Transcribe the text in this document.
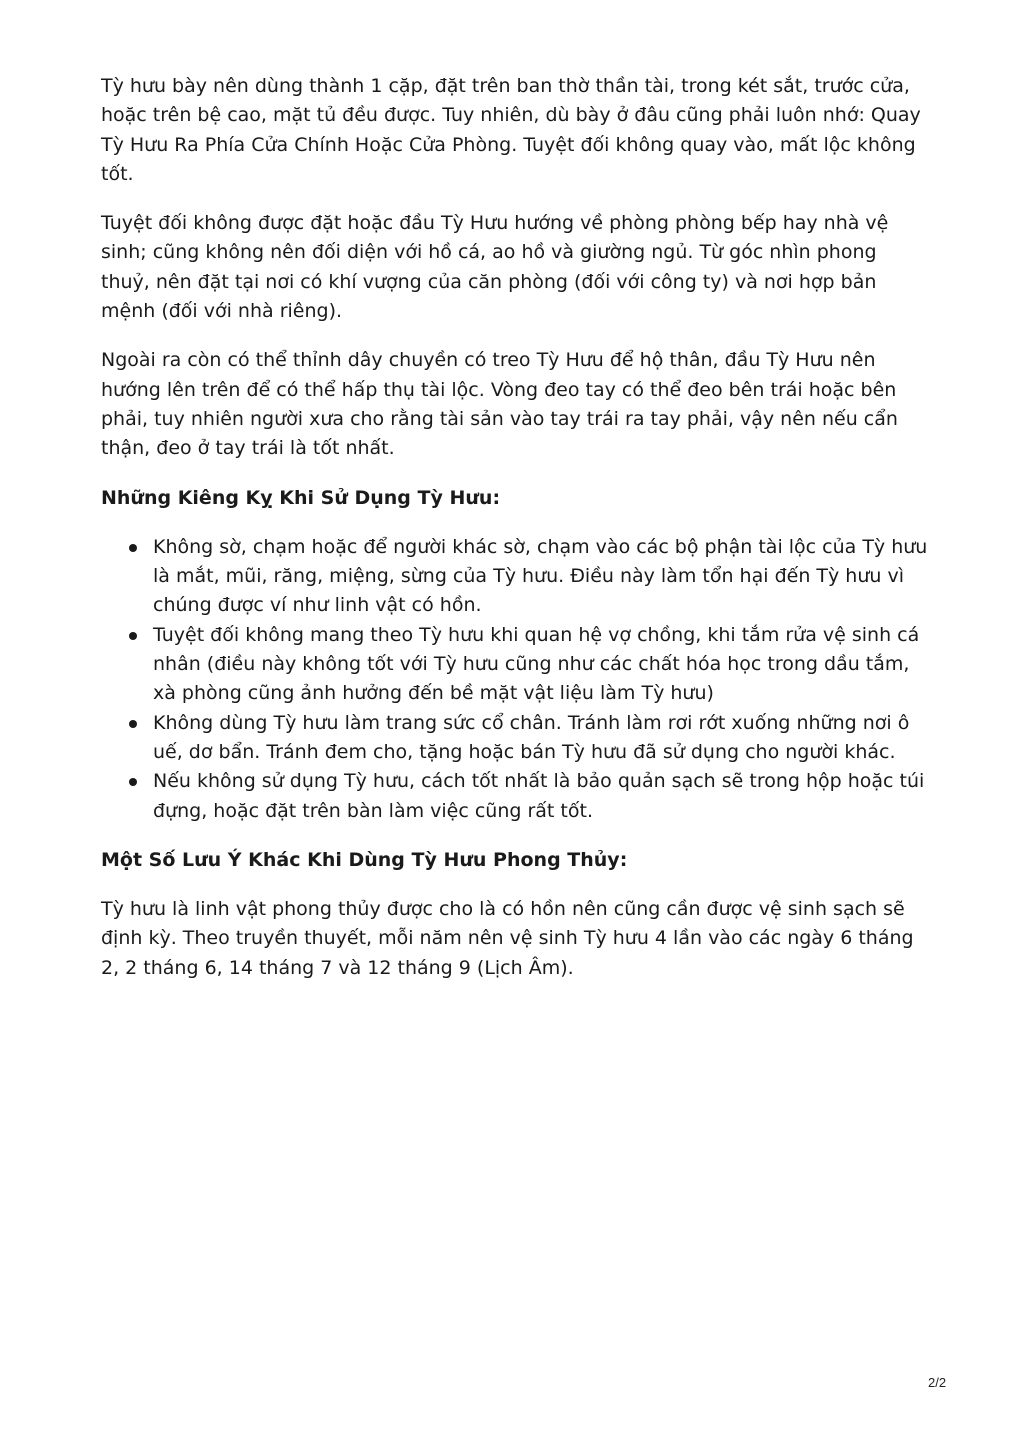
Tỳ hưu bày nên dùng thành 1 cặp, đặt trên ban thờ thần tài, trong két sắt, trước cửa, hoặc trên bệ cao, mặt tủ đều được. Tuy nhiên, dù bày ở đâu cũng phải luôn nhớ: Quay Tỳ Hưu Ra Phía Cửa Chính Hoặc Cửa Phòng. Tuyệt đối không quay vào, mất lộc không tốt.

Tuyệt đối không được đặt hoặc đầu Tỳ Hưu hướng về phòng phòng bếp hay nhà vệ sinh; cũng không nên đối diện với hồ cá, ao hồ và giường ngủ. Từ góc nhìn phong thuỷ, nên đặt tại nơi có khí vượng của căn phòng (đối với công ty) và nơi hợp bản mệnh (đối với nhà riêng).

Ngoài ra còn có thể thỉnh dây chuyền có treo Tỳ Hưu để hộ thân, đầu Tỳ Hưu nên hướng lên trên để có thể hấp thụ tài lộc. Vòng đeo tay có thể đeo bên trái hoặc bên phải, tuy nhiên người xưa cho rằng tài sản vào tay trái ra tay phải, vậy nên nếu cẩn thận, đeo ở tay trái là tốt nhất.

Những Kiêng Kỵ Khi Sử Dụng Tỳ Hưu:

Không sờ, chạm hoặc để người khác sờ, chạm vào các bộ phận tài lộc của Tỳ hưu là mắt, mũi, răng, miệng, sừng của Tỳ hưu. Điều này làm tổn hại đến Tỳ hưu vì chúng được ví như linh vật có hồn.
Tuyệt đối không mang theo Tỳ hưu khi quan hệ vợ chồng, khi tắm rửa vệ sinh cá nhân (điều này không tốt với Tỳ hưu cũng như các chất hóa học trong dầu tắm, xà phòng cũng ảnh hưởng đến bề mặt vật liệu làm Tỳ hưu)
Không dùng Tỳ hưu làm trang sức cổ chân. Tránh làm rơi rớt xuống những nơi ô uế, dơ bẩn. Tránh đem cho, tặng hoặc bán Tỳ hưu đã sử dụng cho người khác.
Nếu không sử dụng Tỳ hưu, cách tốt nhất là bảo quản sạch sẽ trong hộp hoặc túi đựng, hoặc đặt trên bàn làm việc cũng rất tốt.

Một Số Lưu Ý Khác Khi Dùng Tỳ Hưu Phong Thủy:

Tỳ hưu là linh vật phong thủy được cho là có hồn nên cũng cần được vệ sinh sạch sẽ định kỳ. Theo truyền thuyết, mỗi năm nên vệ sinh Tỳ hưu 4 lần vào các ngày 6 tháng 2, 2 tháng 6, 14 tháng 7 và 12 tháng 9 (Lịch Âm).

2/2
